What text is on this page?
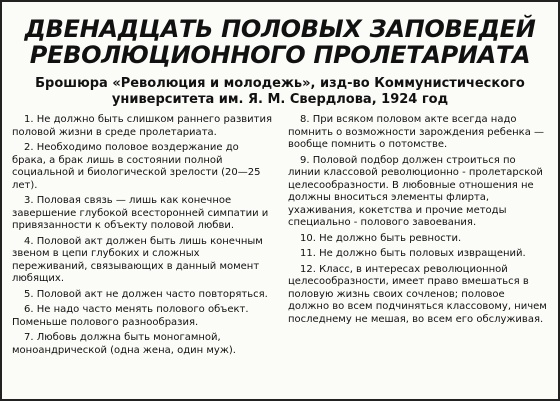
ДВЕНАДЦАТЬ ПОЛОВЫХ ЗАПОВЕДЕЙ
РЕВОЛЮЦИОННОГО ПРОЛЕТАРИАТА
Брошюра «Революция и молодежь», изд-во Коммунистического
университета им. Я. М. Свердлова, 1924 год

1. Не должно быть слишком раннего развития половой жизни в среде пролетариата.

2. Необходимо половое воздержание до брака, а брак лишь в состоянии полной социальной и биологической зрелости (20—25 лет).

3. Половая связь — лишь как конечное завершение глубокой всесторонней симпатии и привязанности к объекту половой любви.

4. Половой акт должен быть лишь конечным звеном в цепи глубоких и сложных переживаний, связывающих в данный момент любящих.

5. Половой акт не должен часто повторяться.

6. Не надо часто менять полового объект. Поменьше полового разнообразия.

7. Любовь должна быть моногамной, моноандрической (одна жена, один муж).

8. При всяком половом акте всегда надо помнить о возможности зарождения ребенка — вообще помнить о потомстве.

9. Половой подбор должен строиться по линии классовой революционно - пролетарской целесообразности. В любовные отношения не должны вноситься элементы флирта, ухаживания, кокетства и прочие методы специально - полового завоевания.

10. Не должно быть ревности.

11. Не должно быть половых извращений.

12. Класс, в интересах революционной целесообразности, имеет право вмешаться в половую жизнь своих сочленов; половое должно во всем подчиняться классовому, ничем последнему не мешая, во всем его обслуживая.
